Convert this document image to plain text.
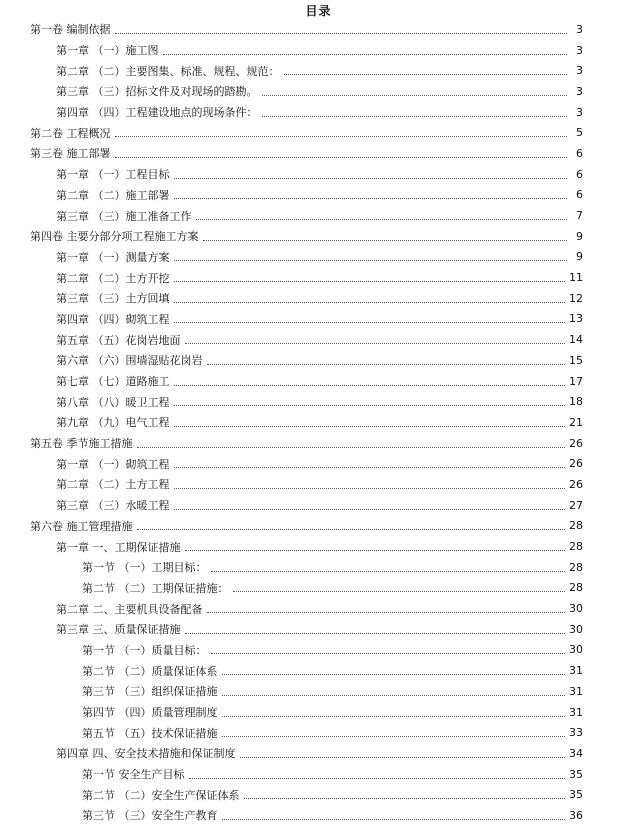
目录
第一卷 编制依据	3
第一章 （一）施工图	3
第二章 （二）主要图集、标准、规程、规范：	3
第三章 （三）招标文件及对现场的踏勘。	3
第四章 （四）工程建设地点的现场条件：	3
第二卷 工程概况	5
第三卷 施工部署	6
第一章 （一）工程目标	6
第二章 （二）施工部署	6
第三章 （三）施工准备工作	7
第四卷 主要分部分项工程施工方案	9
第一章 （一）测量方案	9
第二章 （二）土方开挖	11
第三章 （三）土方回填	12
第四章 （四）砌筑工程	13
第五章 （五）花岗岩地面	14
第六章 （六）围墙湿贴花岗岩	15
第七章 （七）道路施工	17
第八章 （八）暖卫工程	18
第九章 （九）电气工程	21
第五卷 季节施工措施	26
第一章 （一）砌筑工程	26
第二章 （二）土方工程	26
第三章 （三）水暖工程	27
第六卷 施工管理措施	28
第一章 一、工期保证措施	28
第一节 （一）工期目标：	28
第二节 （二）工期保证措施：	28
第二章 二、主要机具设备配备	30
第三章 三、质量保证措施	30
第一节 （一）质量目标：	30
第二节 （二）质量保证体系	31
第三节 （三）组织保证措施	31
第四节 （四）质量管理制度	31
第五节 （五）技术保证措施	33
第四章 四、安全技术措施和保证制度	34
第一节 安全生产目标	35
第二节 （二）安全生产保证体系	35
第三节 （三）安全生产教育	36
